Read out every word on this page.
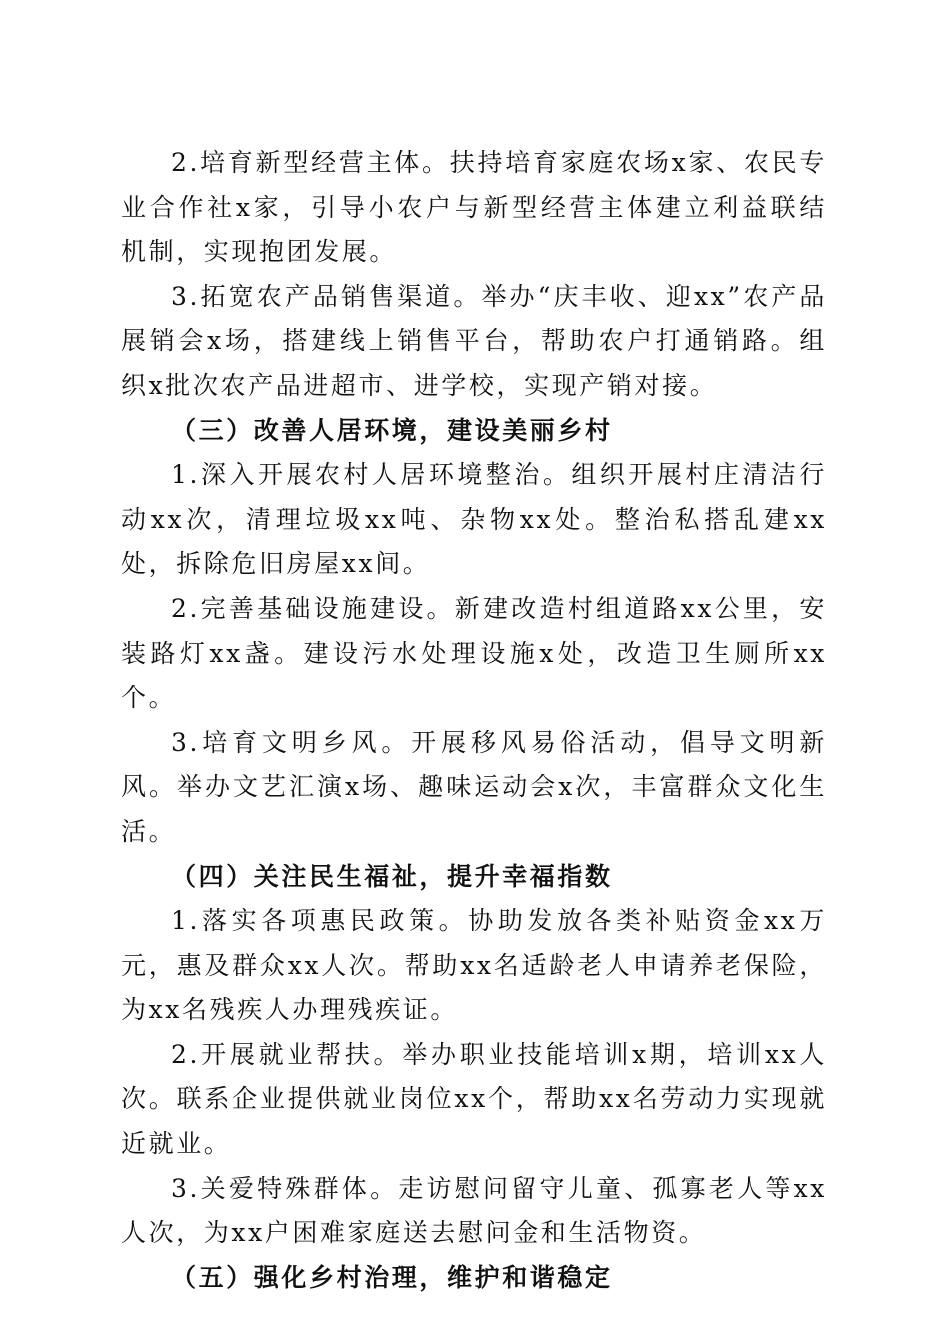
2.培育新型经营主体。扶持培育家庭农场x家、农民专业合作社x家，引导小农户与新型经营主体建立利益联结机制，实现抱团发展。

3.拓宽农产品销售渠道。举办“庆丰收、迎xx”农产品展销会x场，搭建线上销售平台，帮助农户打通销路。组织x批次农产品进超市、进学校，实现产销对接。

（三）改善人居环境，建设美丽乡村

1.深入开展农村人居环境整治。组织开展村庄清洁行动xx次，清理垃圾xx吨、杂物xx处。整治私搭乱建xx处，拆除危旧房屋xx间。

2.完善基础设施建设。新建改造村组道路xx公里，安装路灯xx盏。建设污水处理设施x处，改造卫生厕所xx个。

3.培育文明乡风。开展移风易俗活动，倡导文明新风。举办文艺汇演x场、趣味运动会x次，丰富群众文化生活。

（四）关注民生福祉，提升幸福指数

1.落实各项惠民政策。协助发放各类补贴资金xx万元，惠及群众xx人次。帮助xx名适龄老人申请养老保险，为xx名残疾人办理残疾证。

2.开展就业帮扶。举办职业技能培训x期，培训xx人次。联系企业提供就业岗位xx个，帮助xx名劳动力实现就近就业。

3.关爱特殊群体。走访慰问留守儿童、孤寡老人等xx人次，为xx户困难家庭送去慰问金和生活物资。

（五）强化乡村治理，维护和谐稳定
